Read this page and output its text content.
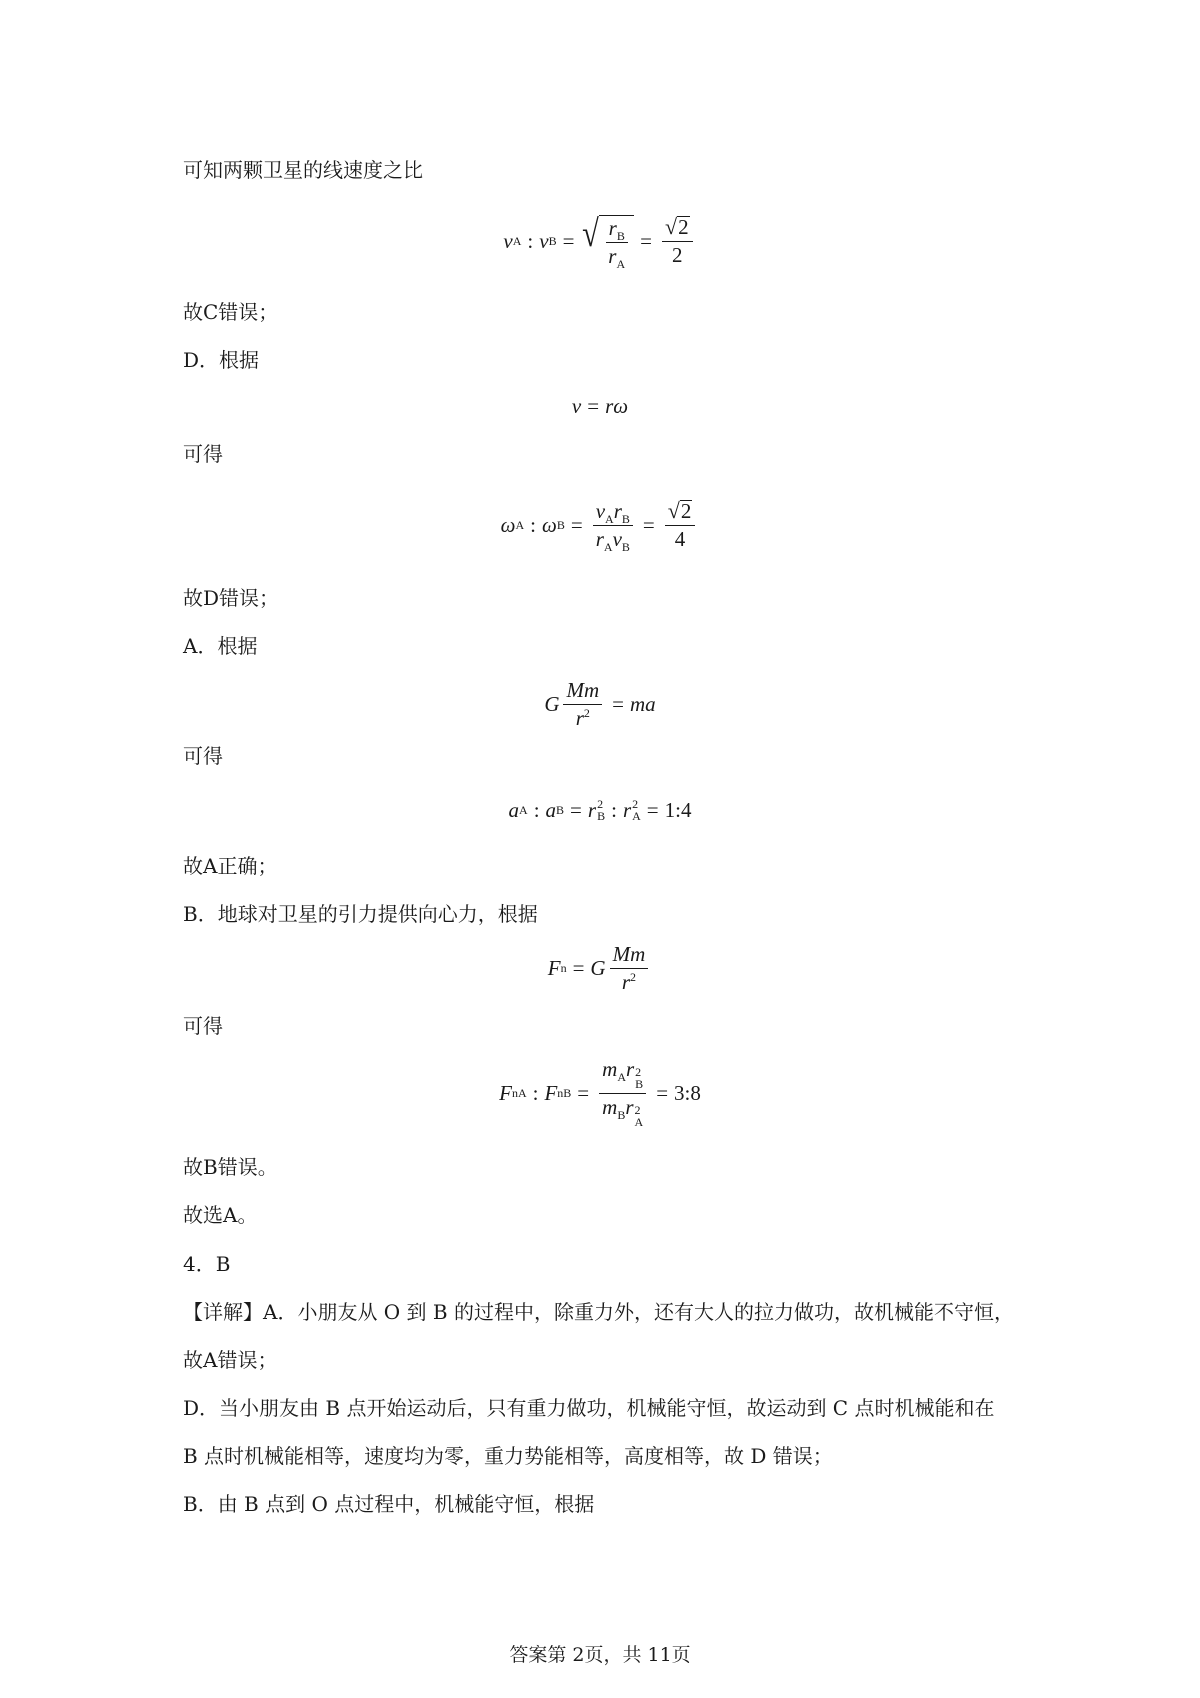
可知两颗卫星的线速度之比
v A : v B = √ $\frac{r_B}{r_A} = \frac{√ 2}{2}$
故C错误；
D．根据
v = rω
可得
ω A : ω $B = \frac{v_Ar_B}{r_Av_B} = \frac{√ 2}{4}$
故D错误；
A．根据
G $\frac{Mm}{r^2}$ = ma
可得
a A : a B = r 2
B : r 2
A = 1:4
故A正确；
B．地球对卫星的引力提供向心力，根据
F n = G $\frac{Mm}{r^2}$
可得
F nA : F nB = $m_Ar$ 2
B
$m_Br$ 2
A = 3:8
故B错误。
故选A。
4．B
【详解】A．小朋友从 O 到 B 的过程中，除重力外，还有大人的拉力做功，故机械能不守恒，
故A错误；
D．当小朋友由 B 点开始运动后，只有重力做功，机械能守恒，故运动到 C 点时机械能和在
B 点时机械能相等，速度均为零，重力势能相等，高度相等，故 D 错误；
B．由 B 点到 O 点过程中，机械能守恒，根据
答案第 2页，共 11页
